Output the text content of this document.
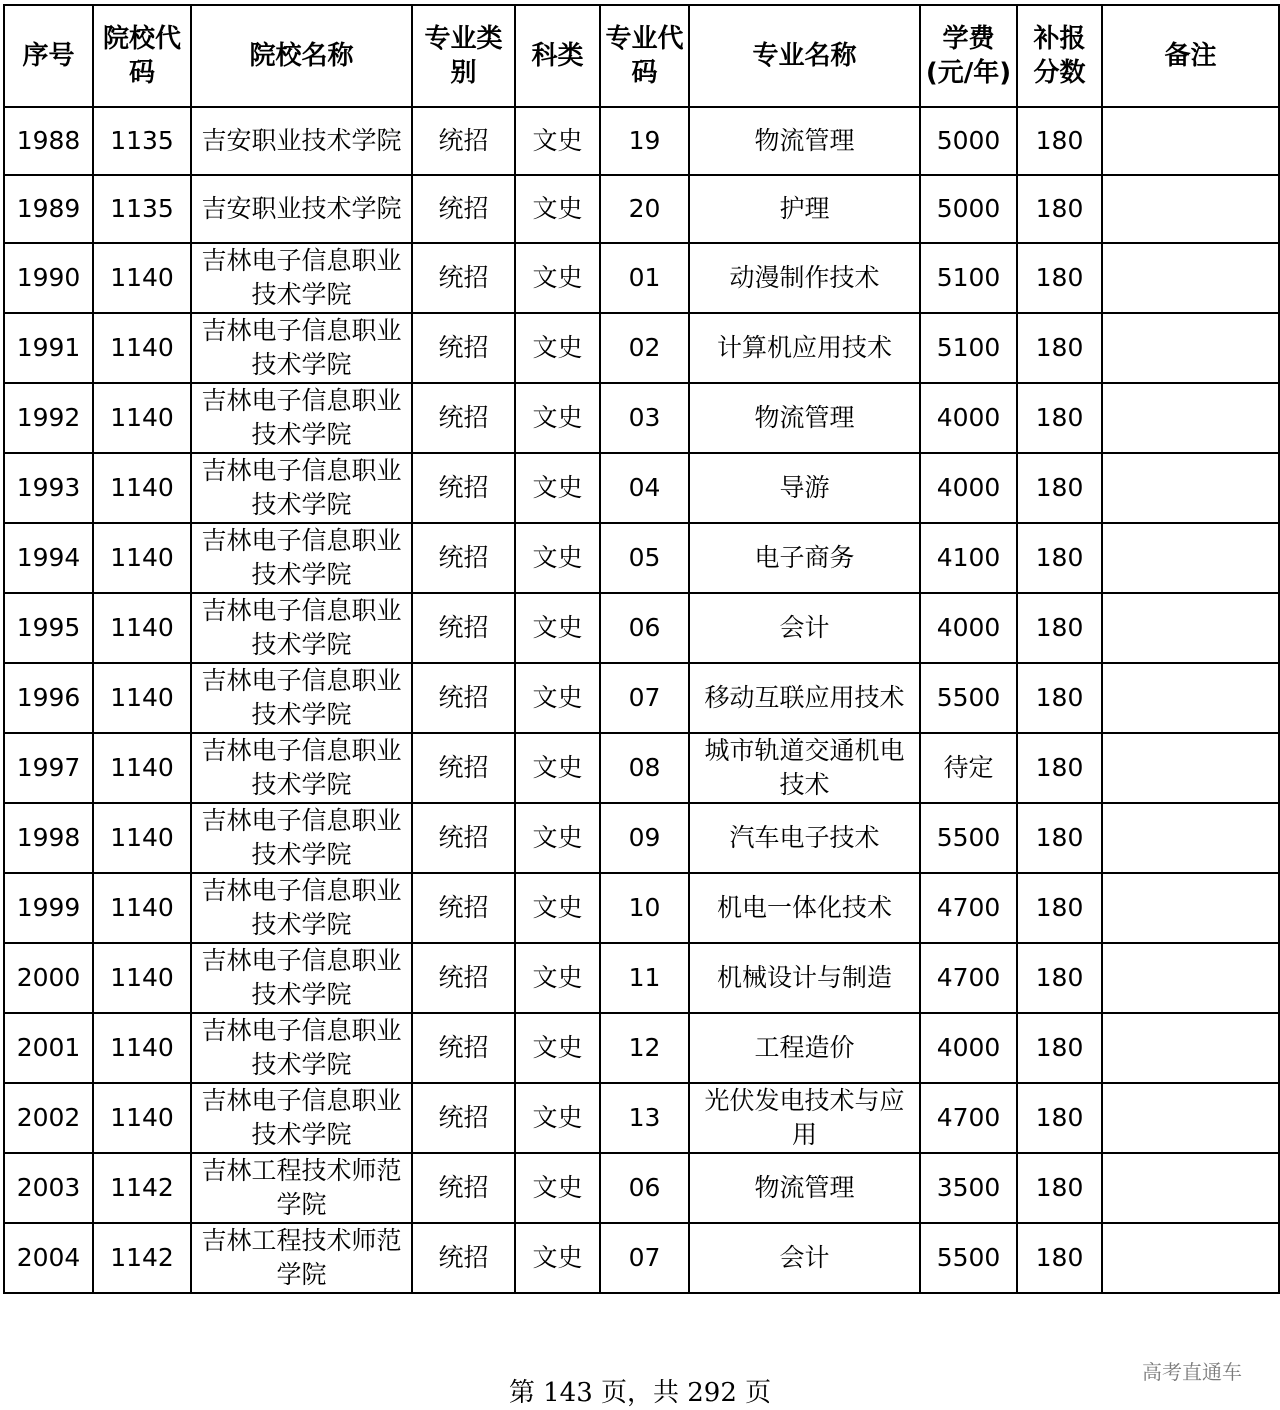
序号	院校代码	院校名称	专业类别	科类	专业代码	专业名称	学费(元/年)	补报分数	备注
1988	1135	吉安职业技术学院	统招	文史	19	物流管理	5000	180	
1989	1135	吉安职业技术学院	统招	文史	20	护理	5000	180	
1990	1140	吉林电子信息职业技术学院	统招	文史	01	动漫制作技术	5100	180	
1991	1140	吉林电子信息职业技术学院	统招	文史	02	计算机应用技术	5100	180	
1992	1140	吉林电子信息职业技术学院	统招	文史	03	物流管理	4000	180	
1993	1140	吉林电子信息职业技术学院	统招	文史	04	导游	4000	180	
1994	1140	吉林电子信息职业技术学院	统招	文史	05	电子商务	4100	180	
1995	1140	吉林电子信息职业技术学院	统招	文史	06	会计	4000	180	
1996	1140	吉林电子信息职业技术学院	统招	文史	07	移动互联应用技术	5500	180	
1997	1140	吉林电子信息职业技术学院	统招	文史	08	城市轨道交通机电技术	待定	180	
1998	1140	吉林电子信息职业技术学院	统招	文史	09	汽车电子技术	5500	180	
1999	1140	吉林电子信息职业技术学院	统招	文史	10	机电一体化技术	4700	180	
2000	1140	吉林电子信息职业技术学院	统招	文史	11	机械设计与制造	4700	180	
2001	1140	吉林电子信息职业技术学院	统招	文史	12	工程造价	4000	180	
2002	1140	吉林电子信息职业技术学院	统招	文史	13	光伏发电技术与应用	4700	180	
2003	1142	吉林工程技术师范学院	统招	文史	06	物流管理	3500	180	
2004	1142	吉林工程技术师范学院	统招	文史	07	会计	5500	180	
第 143 页，共 292 页
高考直通车
